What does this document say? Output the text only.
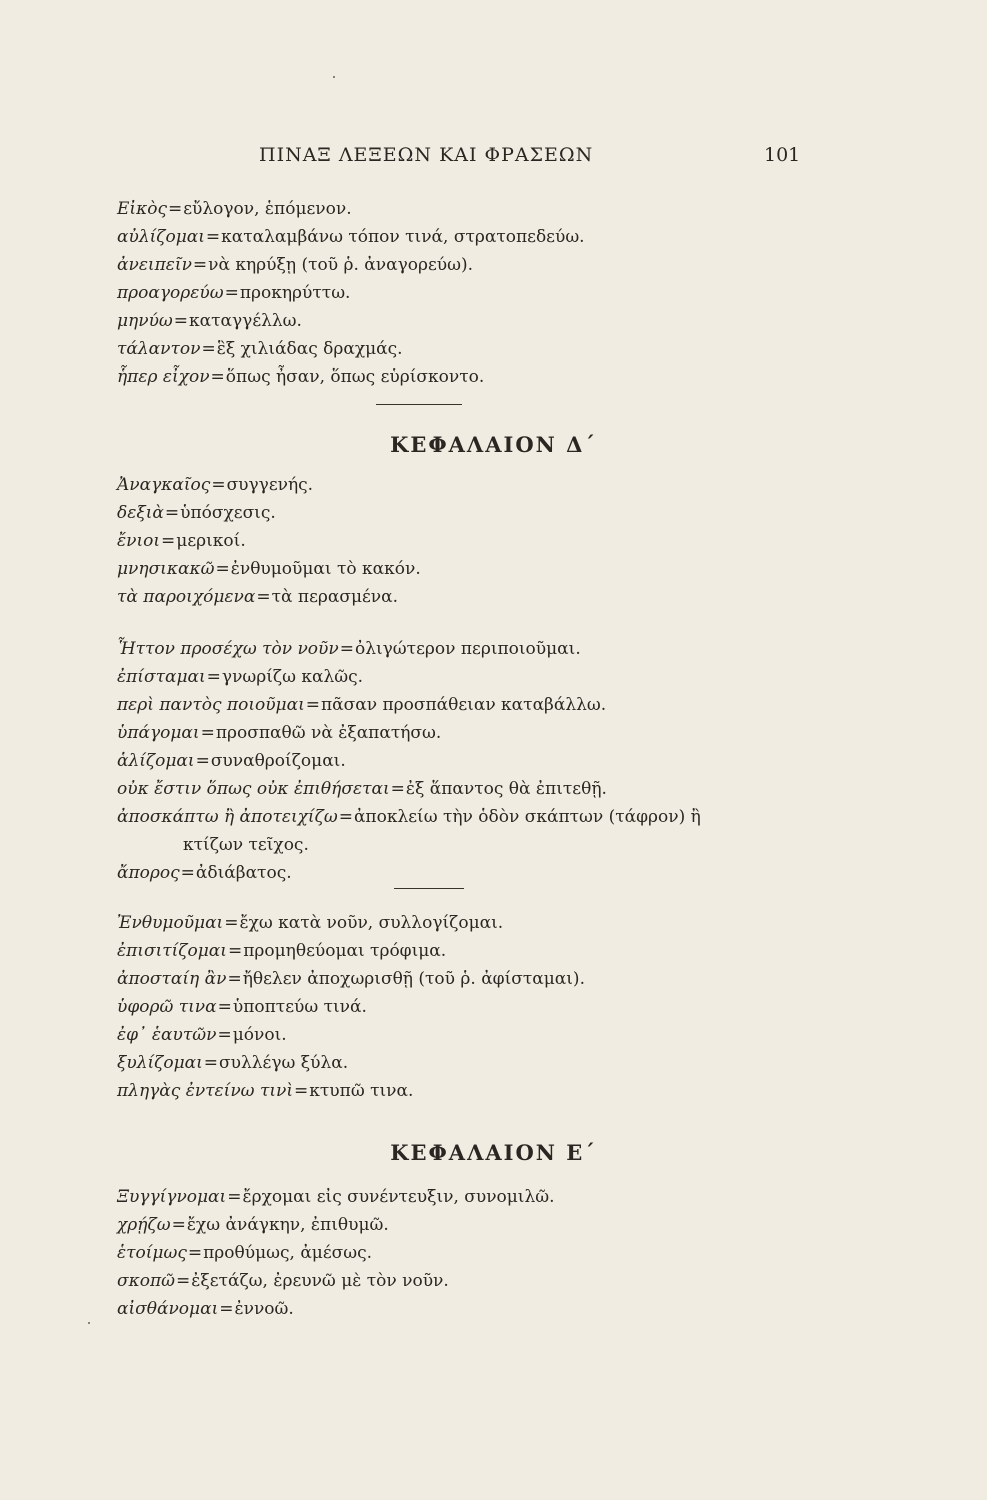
ΠΙΝΑΞ ΛΕΞΕΩΝ ΚΑΙ ΦΡΑΣΕΩΝ	101
Εἰκὸς=εὔλογον, ἑπόμενον.
αὐλίζομαι=καταλαμβάνω τόπον τινά, στρατοπεδεύω.
ἀνειπεῖν=νὰ κηρύξῃ (τοῦ ῥ. ἀναγορεύω).
προαγορεύω=προκηρύττω.
μηνύω=καταγγέλλω.
τάλαντον=ἓξ χιλιάδας δραχμάς.
ἧπερ εἶχον=ὅπως ἦσαν, ὅπως εὑρίσκοντο.
ΚΕΦΑΛΑΙΟΝ Δ΄
Ἀναγκαῖος=συγγενής.
δεξιὰ=ὑπόσχεσις.
ἔνιοι=μερικοί.
μνησικακῶ=ἐνθυμοῦμαι τὸ κακόν.
τὰ παροιχόμενα=τὰ περασμένα.
Ἧττον προσέχω τὸν νοῦν=ὀλιγώτερον περιποιοῦμαι.
ἐπίσταμαι=γνωρίζω καλῶς.
περὶ παντὸς ποιοῦμαι=πᾶσαν προσπάθειαν καταβάλλω.
ὑπάγομαι=προσπαθῶ νὰ ἐξαπατήσω.
ἁλίζομαι=συναθροίζομαι.
οὐκ ἔστιν ὅπως οὐκ ἐπιθήσεται=ἐξ ἅπαντος θὰ ἐπιτεθῇ.
ἀποσκάπτω ἢ ἀποτειχίζω=ἀποκλείω τὴν ὁδὸν σκάπτων (τάφρον) ἢ
κτίζων τεῖχος.
ἄπορος=ἀδιάβατος.
Ἐνθυμοῦμαι=ἔχω κατὰ νοῦν, συλλογίζομαι.
ἐπισιτίζομαι=προμηθεύομαι τρόφιμα.
ἀποσταίη ἂν=ἤθελεν ἀποχωρισθῇ (τοῦ ῥ. ἀφίσταμαι).
ὑφορῶ τινα=ὑποπτεύω τινά.
ἐφ᾽ ἑαυτῶν=μόνοι.
ξυλίζομαι=συλλέγω ξύλα.
πληγὰς ἐντείνω τινὶ=κτυπῶ τινα.
ΚΕΦΑΛΑΙΟΝ Ε΄
Ξυγγίγνομαι=ἔρχομαι εἰς συνέντευξιν, συνομιλῶ.
χρῄζω=ἔχω ἀνάγκην, ἐπιθυμῶ.
ἑτοίμως=προθύμως, ἀμέσως.
σκοπῶ=ἐξετάζω, ἐρευνῶ μὲ τὸν νοῦν.
αἰσθάνομαι=ἐννοῶ.
